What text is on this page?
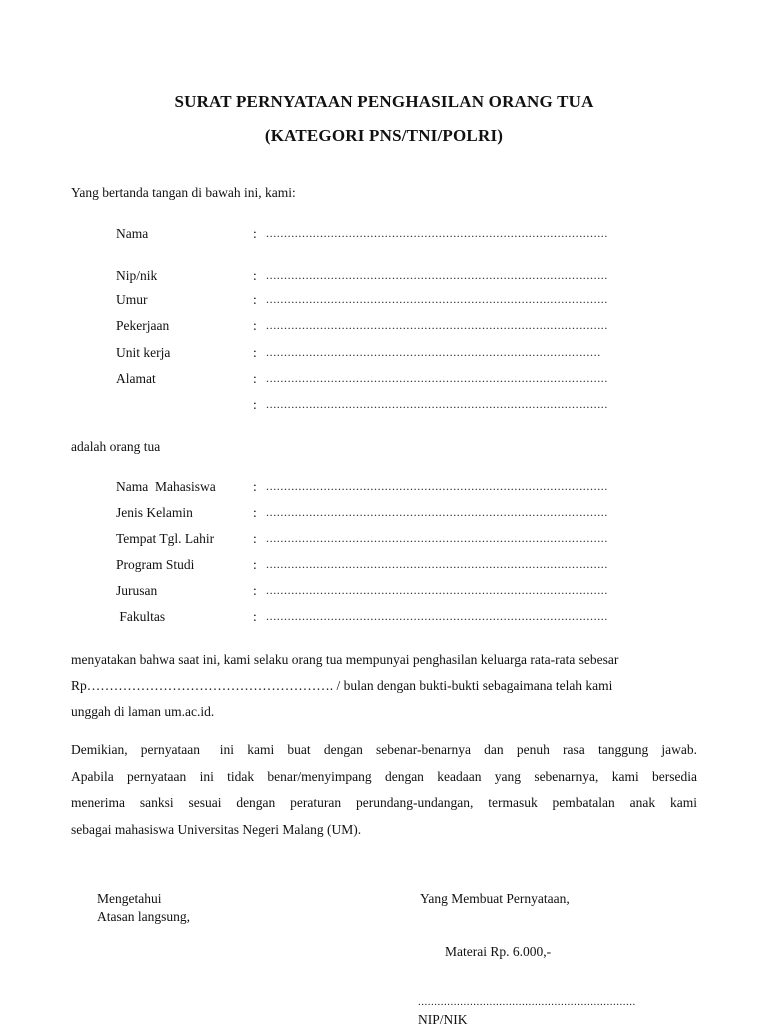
SURAT PERNYATAAN PENGHASILAN ORANG TUA
(KATEGORI PNS/TNI/POLRI)
Yang bertanda tangan di bawah ini, kami:
Nama	: ...............................................................................................
Nip/nik	: ...............................................................................................
Umur	: ...............................................................................................
Pekerjaan	: ...............................................................................................
Unit kerja	: .............................................................................................
Alamat	: ...............................................................................................
: ...............................................................................................
adalah orang tua
Nama  Mahasiswa	: ...............................................................................................
Jenis Kelamin	: ...............................................................................................
Tempat Tgl. Lahir	: ...............................................................................................
Program Studi	: ...............................................................................................
Jurusan	: ...............................................................................................
Fakultas	: ...............................................................................................
menyatakan bahwa saat ini, kami selaku orang tua mempunyai penghasilan keluarga rata-rata sebesar
Rp………………………………………………. / bulan dengan bukti-bukti sebagaimana telah kami
unggah di laman um.ac.id.
Demikian,  pernyataan   ini  kami  buat  dengan  sebenar-benarnya  dan  penuh  rasa  tanggung  jawab.
Apabila pernyataan ini tidak benar/menyimpang dengan keadaan yang sebenarnya, kami bersedia
menerima sanksi sesuai dengan peraturan perundang-undangan, termasuk pembatalan anak kami
sebagai mahasiswa Universitas Negeri Malang (UM).
Mengetahui
Atasan langsung,
Yang Membuat Pernyataan,
Materai Rp. 6.000,-
...................................................................
NIP/NIK
